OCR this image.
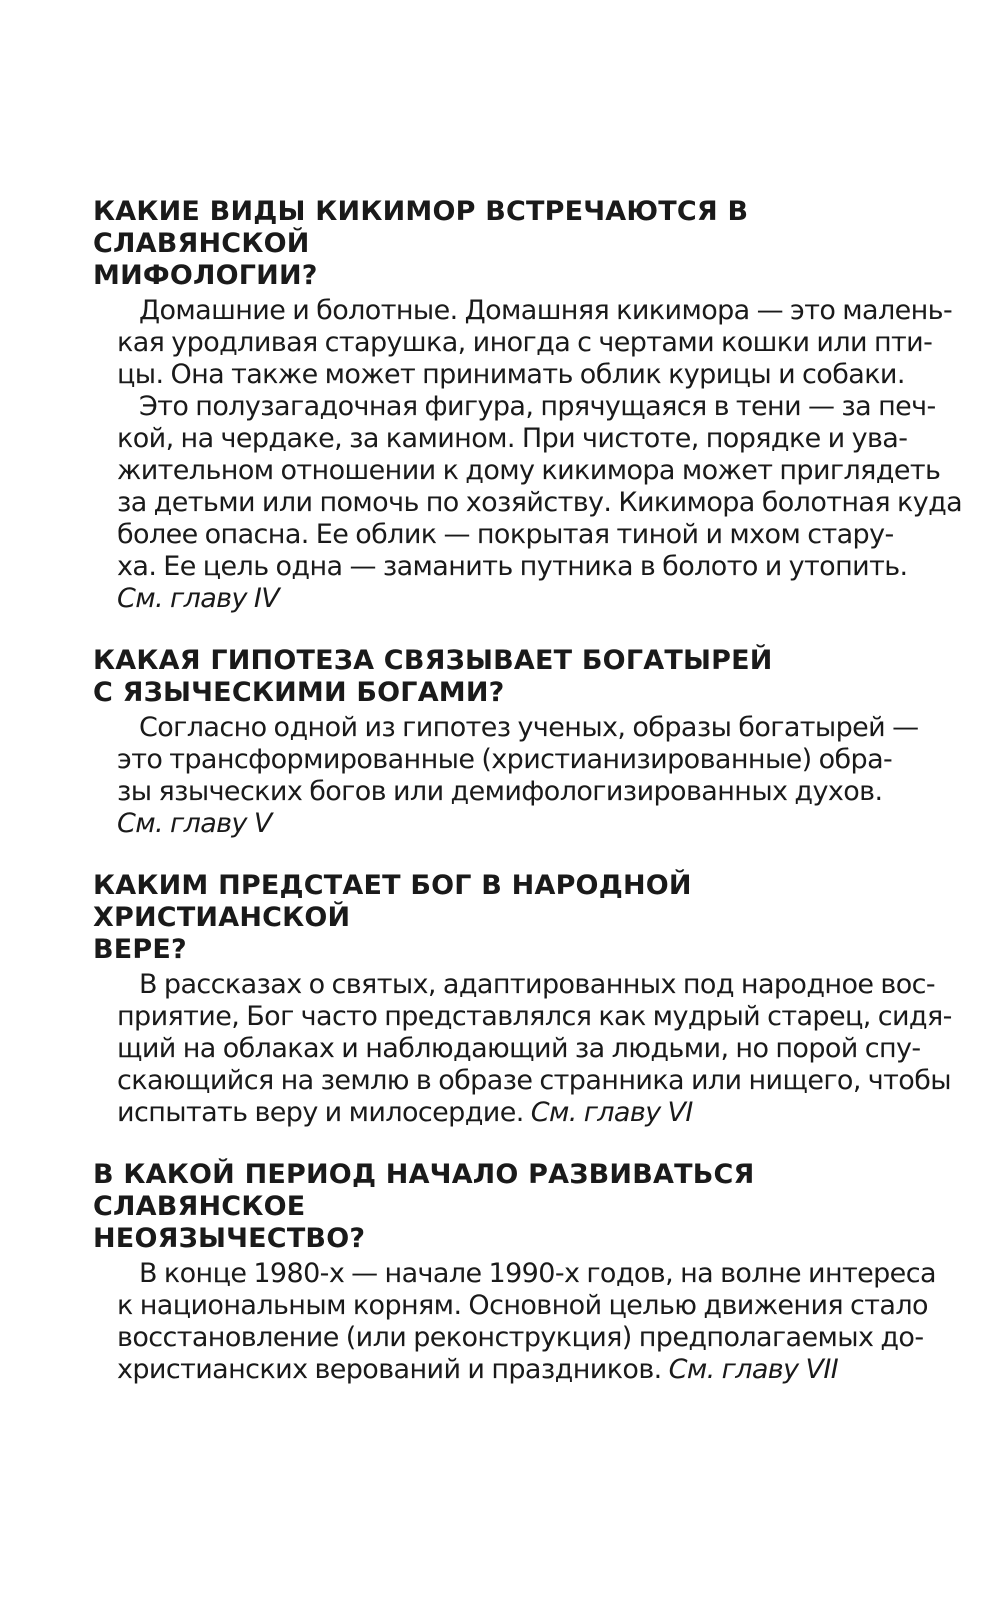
КАКИЕ ВИДЫ КИКИМОР ВСТРЕЧАЮТСЯ В СЛАВЯНСКОЙ
МИФОЛОГИИ?
Домашние и болотные. Домашняя кикимора — это малень-
кая уродливая старушка, иногда с чертами кошки или пти-
цы. Она также может принимать облик курицы и собаки.
Это полузагадочная фигура, прячущаяся в тени — за печ-
кой, на чердаке, за камином. При чистоте, порядке и ува-
жительном отношении к дому кикимора может приглядеть
за детьми или помочь по хозяйству. Кикимора болотная куда
более опасна. Ее облик — покрытая тиной и мхом стару-
ха. Ее цель одна — заманить путника в болото и утопить.
См. главу IV
КАКАЯ ГИПОТЕЗА СВЯЗЫВАЕТ БОГАТЫРЕЙ
С ЯЗЫЧЕСКИМИ БОГАМИ?
Согласно одной из гипотез ученых, образы богатырей —
это трансформированные (христианизированные) обра-
зы языческих богов или демифологизированных духов.
См. главу V
КАКИМ ПРЕДСТАЕТ БОГ В НАРОДНОЙ ХРИСТИАНСКОЙ
ВЕРЕ?
В рассказах о святых, адаптированных под народное вос-
приятие, Бог часто представлялся как мудрый старец, сидя-
щий на облаках и наблюдающий за людьми, но порой спу-
скающийся на землю в образе странника или нищего, чтобы
испытать веру и милосердие. См. главу VI
В КАКОЙ ПЕРИОД НАЧАЛО РАЗВИВАТЬСЯ СЛАВЯНСКОЕ
НЕОЯЗЫЧЕСТВО?
В конце 1980-х — начале 1990-х годов, на волне интереса
к национальным корням. Основной целью движения стало
восстановление (или реконструкция) предполагаемых до-
христианских верований и праздников. См. главу VII
